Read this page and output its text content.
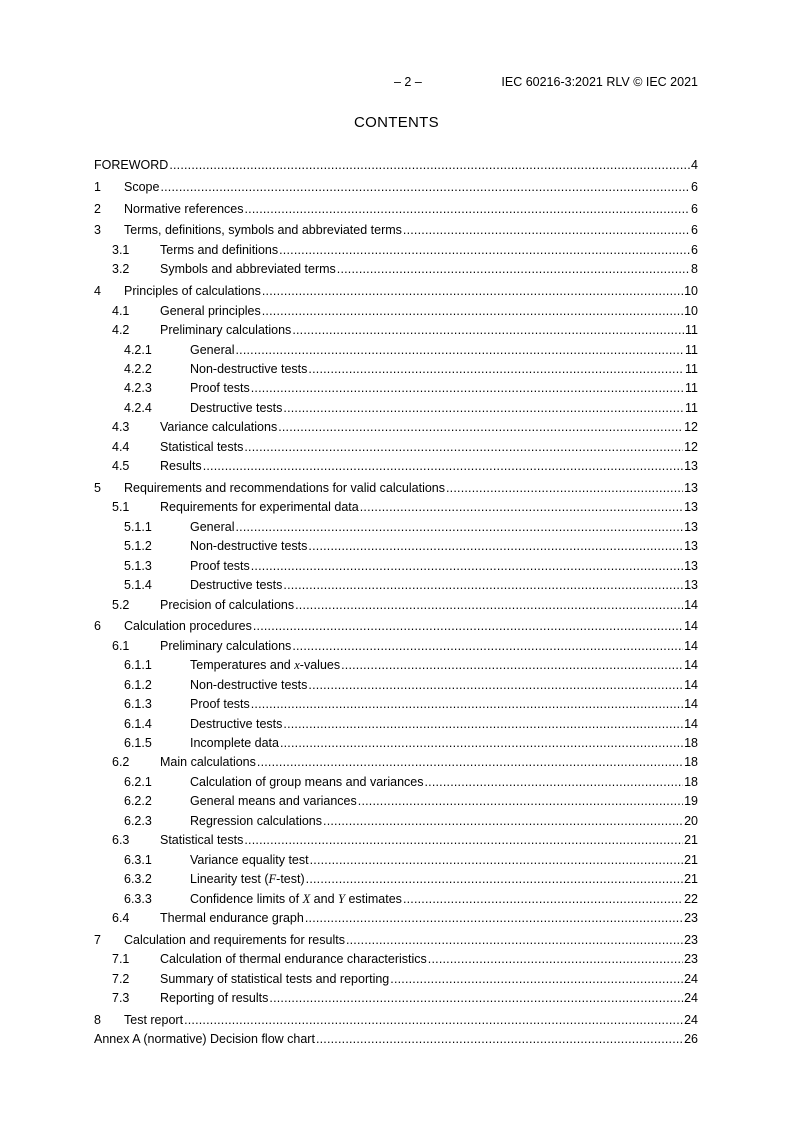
– 2 –	IEC 60216-3:2021 RLV © IEC 2021
CONTENTS
FOREWORD .....	4
1 Scope .....	6
2 Normative references .....	6
3 Terms, definitions, symbols and abbreviated terms .....	6
3.1 Terms and definitions .....	6
3.2 Symbols and abbreviated terms .....	8
4 Principles of calculations .....	10
4.1 General principles .....	10
4.2 Preliminary calculations .....	11
4.2.1	General .....	11
4.2.2	Non-destructive tests .....	11
4.2.3	Proof tests .....	11
4.2.4	Destructive tests .....	11
4.3 Variance calculations .....	12
4.4 Statistical tests .....	12
4.5 Results .....	13
5 Requirements and recommendations for valid calculations .....	13
5.1 Requirements for experimental data .....	13
5.1.1	General .....	13
5.1.2	Non-destructive tests .....	13
5.1.3	Proof tests .....	13
5.1.4	Destructive tests .....	13
5.2 Precision of calculations .....	14
6 Calculation procedures .....	14
6.1 Preliminary calculations .....	14
6.1.1	Temperatures and x-values .....	14
6.1.2	Non-destructive tests .....	14
6.1.3	Proof tests .....	14
6.1.4	Destructive tests .....	14
6.1.5	Incomplete data .....	18
6.2 Main calculations .....	18
6.2.1	Calculation of group means and variances .....	18
6.2.2	General means and variances .....	19
6.2.3	Regression calculations .....	20
6.3 Statistical tests .....	21
6.3.1	Variance equality test .....	21
6.3.2	Linearity test (F-test) .....	21
6.3.3	Confidence limits of X and Y estimates .....	22
6.4 Thermal endurance graph .....	23
7 Calculation and requirements for results .....	23
7.1 Calculation of thermal endurance characteristics .....	23
7.2 Summary of statistical tests and reporting .....	24
7.3 Reporting of results .....	24
8 Test report .....	24
Annex A (normative) Decision flow chart .....	26
